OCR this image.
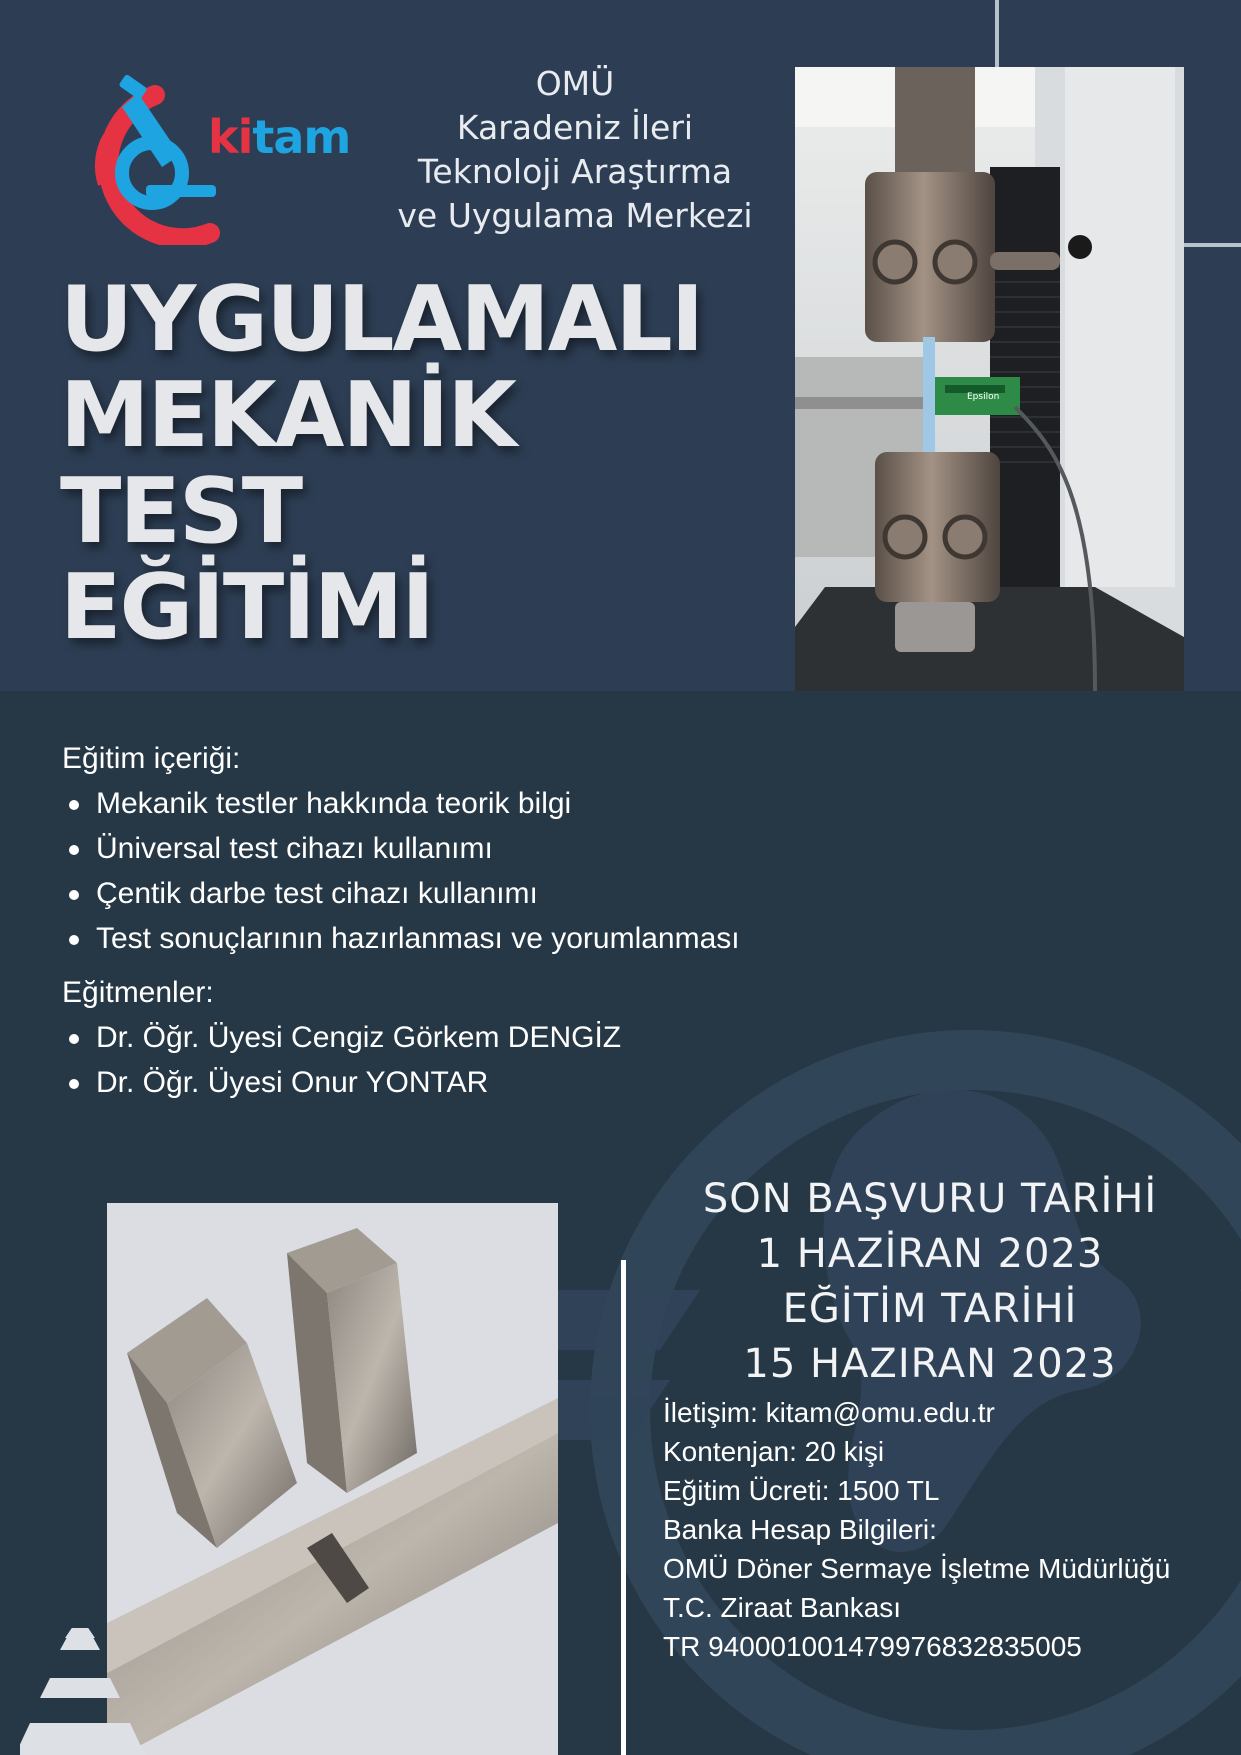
Epsilon
kitam
OMÜ
Karadeniz İleri
Teknoloji Araştırma
ve Uygulama Merkezi
UYGULAMALI
MEKANİK
TEST
EĞİTİMİ
Eğitim içeriği:
Mekanik testler hakkında teorik bilgi
Üniversal test cihazı kullanımı
Çentik darbe test cihazı kullanımı
Test sonuçlarının hazırlanması ve yorumlanması
Eğitmenler:
Dr. Öğr. Üyesi Cengiz Görkem DENGİZ
Dr. Öğr. Üyesi Onur YONTAR
SON BAŞVURU TARİHİ
1 HAZİRAN 2023
EĞİTİM TARİHİ
15 HAZIRAN 2023
İletişim: kitam@omu.edu.tr
Kontenjan: 20 kişi
Eğitim Ücreti: 1500 TL
Banka Hesap Bilgileri:
OMÜ Döner Sermaye İşletme Müdürlüğü
T.C. Ziraat Bankası
TR 940001001479976832835005
